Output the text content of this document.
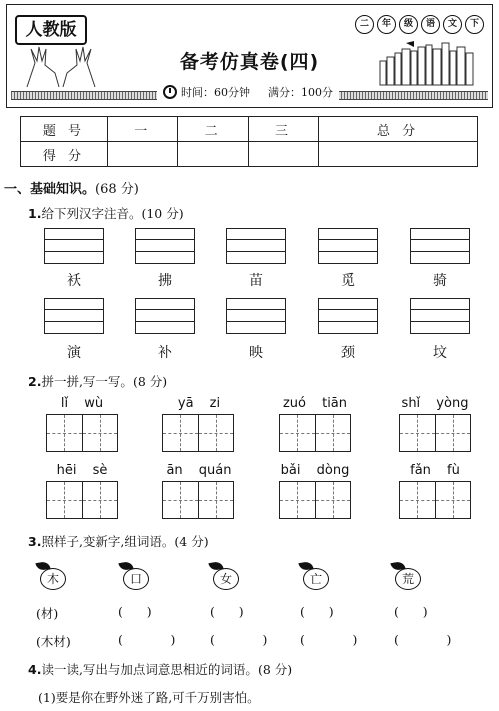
人教版	二	年	级	语	文	下
备考仿真卷(四)
时间：60分钟 满分：100分
题 号	一	二	三	总 分
得 分				
一、基础知识。(68 分)
1.给下列汉字注音。(10 分)
袄	拂	苗	觅	骑
演	补	映	颈	坟
2.拼一拼,写一写。(8 分)
lǐ wù	yā zi	zuó tiān	shǐ yòng
hēi sè	ān quán	bǎi dòng	fǎn fù
3.照样子,变新字,组词语。(4 分)
木	口	女	亡	荒
(材)	(      )	(      )	(      )	(      )
(木材)	(            )	(            )	(            )	(            )
4.读一读,写出与加点词意思相近的词语。(8 分)
(1)要是你在野外迷了路,可千万别害怕。
